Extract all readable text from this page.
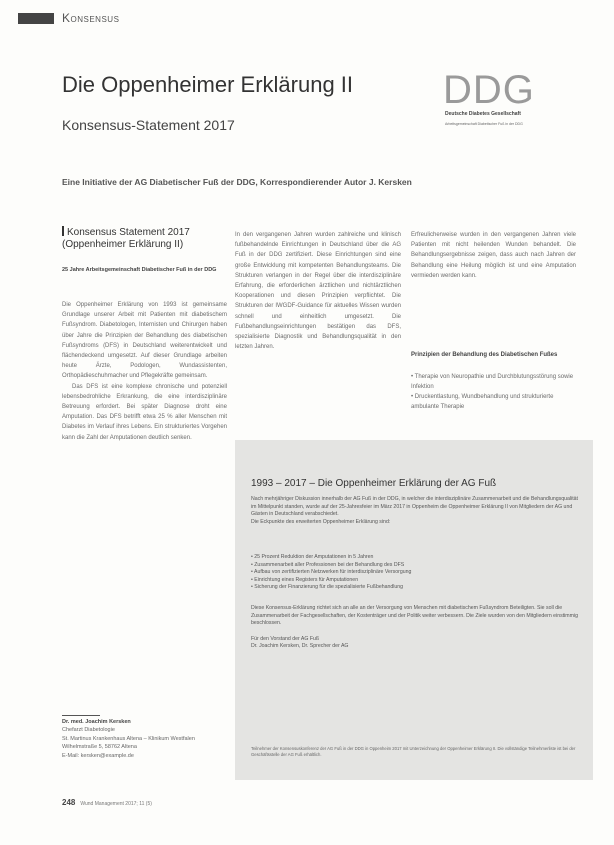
Konsensus
Die Oppenheimer Erklärung II
Konsensus-Statement 2017
DDG
Deutsche Diabetes Gesellschaft
Arbeitsgemeinschaft Diabetischer Fuß in der DDG
Eine Initiative der AG Diabetischer Fuß der DDG, Korrespondierender Autor J. Kersken
Konsensus Statement 2017 (Oppenheimer Erklärung II)
25 Jahre Arbeitsgemeinschaft Diabetischer Fuß in der DDG

Die Oppenheimer Erklärung von 1993 ist gemeinsame Grundlage unserer Arbeit mit Patienten mit diabetischem Fußsyndrom. Diabetologen, Internisten und Chirurgen haben über Jahre die Prinzipien der Behandlung des diabetischen Fußsyndroms (DFS) in Deutschland weiterentwickelt und flächendeckend umgesetzt. Auf dieser Grundlage arbeiten heute Ärzte, Podologen, Wundassistenten, Orthopädieschuhmacher und Pflegekräfte gemeinsam.

Das DFS ist eine komplexe chronische und potenziell lebensbedrohliche Erkrankung, die eine interdisziplinäre Betreuung erfordert. Bei später Diagnose droht eine Amputation. Das DFS betrifft etwa 25 % aller Menschen mit Diabetes im Verlauf ihres Lebens. Ein strukturiertes Vorgehen kann die Zahl der Amputationen deutlich senken.

In den vergangenen Jahren wurden zahlreiche und klinisch fußbehandelnde Einrichtungen in Deutschland über die AG Fuß in der DDG zertifiziert. Diese Einrichtungen sind eine große Entwicklung mit kompetenten Behandlungsteams. Die Strukturen verlangen in der Regel über die interdisziplinäre Erfahrung, die erforderlichen ärztlichen und nichtärztlichen Kooperationen und diesen Prinzipien verpflichtet. Die Strukturen der IWGDF-Guidance für aktuelles Wissen wurden schnell und einheitlich umgesetzt. Die Fußbehandlungseinrichtungen bestätigen das DFS, spezialisierte Diagnostik und Behandlungsqualität in den letzten Jahren.

Erfreulicherweise wurden in den vergangenen Jahren viele Patienten mit nicht heilenden Wunden behandelt. Die Behandlungsergebnisse zeigen, dass auch nach Jahren der Behandlung eine Heilung möglich ist und eine Amputation vermieden werden kann.

Prinzipien der Behandlung des Diabetischen Fußes
• Therapie von Neuropathie und Durchblutungsstörung sowie Infektion
• Druckentlastung, Wundbehandlung und strukturierte ambulante Therapie
1993 – 2017 – Die Oppenheimer Erklärung der AG Fuß

Nach mehrjähriger Diskussion innerhalb der AG Fuß in der DDG, in welcher die interdisziplinäre Zusammenarbeit und die Behandlungsqualität im Mittelpunkt standen, wurde auf der 25-Jahresfeier im März 2017 in Oppenheim die Oppenheimer Erklärung II von Mitgliedern der AG und Gästen in Deutschland verabschiedet.

Die Eckpunkte des erweiterten Oppenheimer Erklärung sind:

• 25 Prozent Reduktion der Amputationen in 5 Jahren
• Zusammenarbeit aller Professionen bei der Behandlung des DFS
• Aufbau von zertifizierten Netzwerken für interdisziplinäre Versorgung
• Einrichtung eines Registers für Amputationen
• Sicherung der Finanzierung für die spezialisierte Fußbehandlung

Diese Konsensus-Erklärung richtet sich an alle an der Versorgung von Menschen mit diabetischem Fußsyndrom Beteiligten. Sie soll die Zusammenarbeit der Fachgesellschaften, der Kostenträger und der Politik weiter verbessern. Die Ziele wurden von den Mitgliedern einstimmig beschlossen.

Für den Vorstand der AG Fuß

Dr. Joachim Kersken, Dr. Sprecher der AG

Teilnehmer der Konsensuskonferenz der AG Fuß in der DDG in Oppenheim 2017 mit Unterzeichnung der Oppenheimer Erklärung II. Die vollständige Teilnehmerliste ist bei der Geschäftsstelle der AG Fuß erhältlich.
Dr. med. Joachim Kersken
Chefarzt Diabetologie
St. Martinus Krankenhaus Altena – Klinikum Westfalen
Wilhelmstraße 5, 58762 Altena
E-Mail: kersken@example.de
248 Wund Management 2017; 11 (5)
